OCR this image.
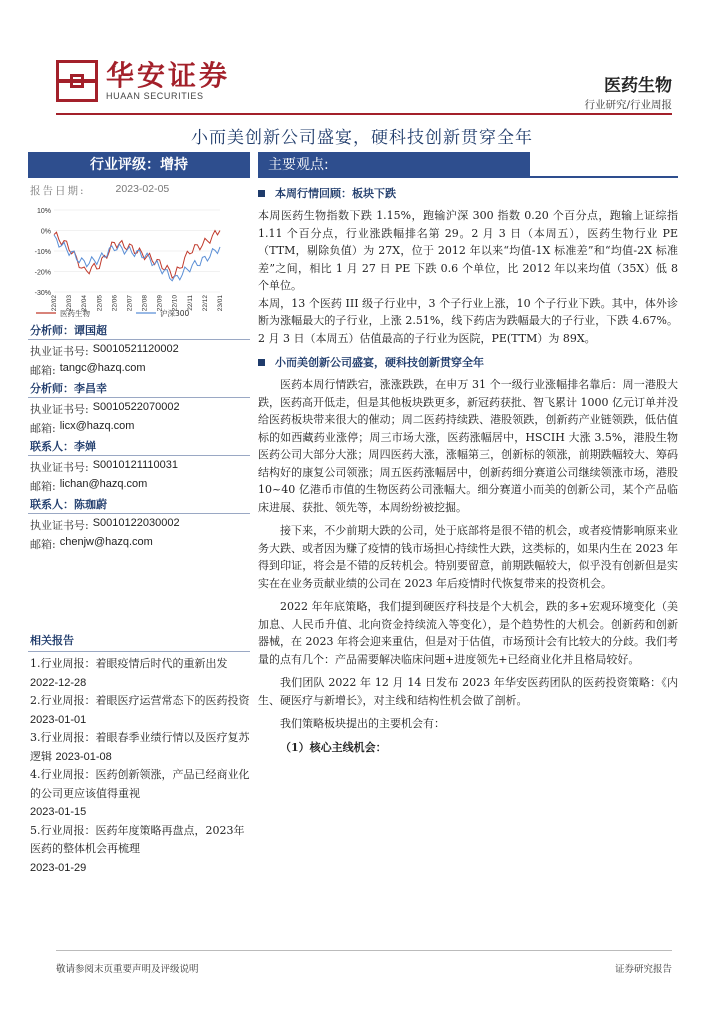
华安证券
HUAAN SECURITIES	医药生物
行业研究/行业周报
小而美创新公司盛宴，硬科技创新贯穿全年
行业评级：增持
报告日期:	2023-02-05
10%
0%
-10%
-20%
-30%
22/02 22/03 22/04 22/05 22/06 22/07 22/08 22/09 22/10 22/11 22/12 23/01
医药生物	沪深300
分析师：谭国超
执业证书号: S0010521120002
邮箱: tangc@hazq.com
分析师：李昌幸
执业证书号: S0010522070002
邮箱: licx@hazq.com
联系人：李婵
执业证书号: S0010121110031
邮箱: lichan@hazq.com
联系人：陈珈蔚
执业证书号: S0010122030002
邮箱: chenjw@hazq.com
相关报告
1.行业周报：着眼疫情后时代的重新出发 2022-12-28
2.行业周报：着眼医疗运营常态下的医药投资 2023-01-01
3.行业周报：着眼春季业绩行情以及医疗复苏逻辑 2023-01-08
4.行业周报：医药创新领涨，产品已经商业化的公司更应该值得重视
2023-01-15
5.行业周报：医药年度策略再盘点，2023年医药的整体机会再梳理
2023-01-29
主要观点:
本周行情回顾：板块下跌

本周医药生物指数下跌 1.15%，跑输沪深 300 指数 0.20 个百分点，跑输上证综指 1.11 个百分点，行业涨跌幅排名第 29。2 月 3 日（本周五），医药生物行业 PE（TTM，剔除负值）为 27X，位于 2012 年以来“均值-1X 标准差”和“均值-2X 标准差”之间，相比 1 月 27 日 PE 下跌 0.6 个单位，比 2012 年以来均值（35X）低 8 个单位。

本周，13 个医药 III 级子行业中，3 个子行业上涨，10 个子行业下跌。其中，体外诊断为涨幅最大的子行业，上涨 2.51%，线下药店为跌幅最大的子行业，下跌 4.67%。2 月 3 日（本周五）估值最高的子行业为医院，PE(TTM）为 89X。

小而美创新公司盛宴，硬科技创新贯穿全年

医药本周行情跌宕，涨涨跌跌，在申万 31 个一级行业涨幅排名靠后：周一港股大跌，医药高开低走，但是其他板块跌更多，新冠药获批、智飞累计 1000 亿元订单并没给医药板块带来很大的催动；周二医药持续跌、港股领跌，创新药产业链领跌，低估值标的如西藏药业涨停；周三市场大涨，医药涨幅居中，HSCIH 大涨 3.5%，港股生物医药公司大部分大涨；周四医药大涨，涨幅第三，创新标的领涨，前期跌幅较大、筹码结构好的康复公司领涨；周五医药涨幅居中，创新药细分赛道公司继续领涨市场，港股 10~40 亿港币市值的生物医药公司涨幅大。细分赛道小而美的创新公司，某个产品临床进展、获批、领先等，本周纷纷被挖掘。

接下来，不少前期大跌的公司，处于底部将是很不错的机会，或者疫情影响原来业务大跌、或者因为赚了疫情的钱市场担心持续性大跌，这类标的，如果内生在 2023 年得到印证，将会是不错的反转机会。特别要留意，前期跌幅较大，似乎没有创新但是实实在在业务贡献业绩的公司在 2023 年后疫情时代恢复带来的投资机会。

2022 年年底策略，我们提到硬医疗科技是个大机会，跌的多+宏观环境变化（美加息、人民币升值、北向资金持续流入等变化），是个趋势性的大机会。创新药和创新器械，在 2023 年将会迎来重估，但是对于估值，市场预计会有比较大的分歧。我们考量的点有几个：产品需要解决临床问题+进度领先+已经商业化并且格局较好。

我们团队 2022 年 12 月 14 日发布 2023 年华安医药团队的医药投资策略：《内生、硬医疗与新增长》，对主线和结构性机会做了剖析。

我们策略板块提出的主要机会有：

（1）核心主线机会：
敬请参阅末页重要声明及评级说明	证券研究报告
